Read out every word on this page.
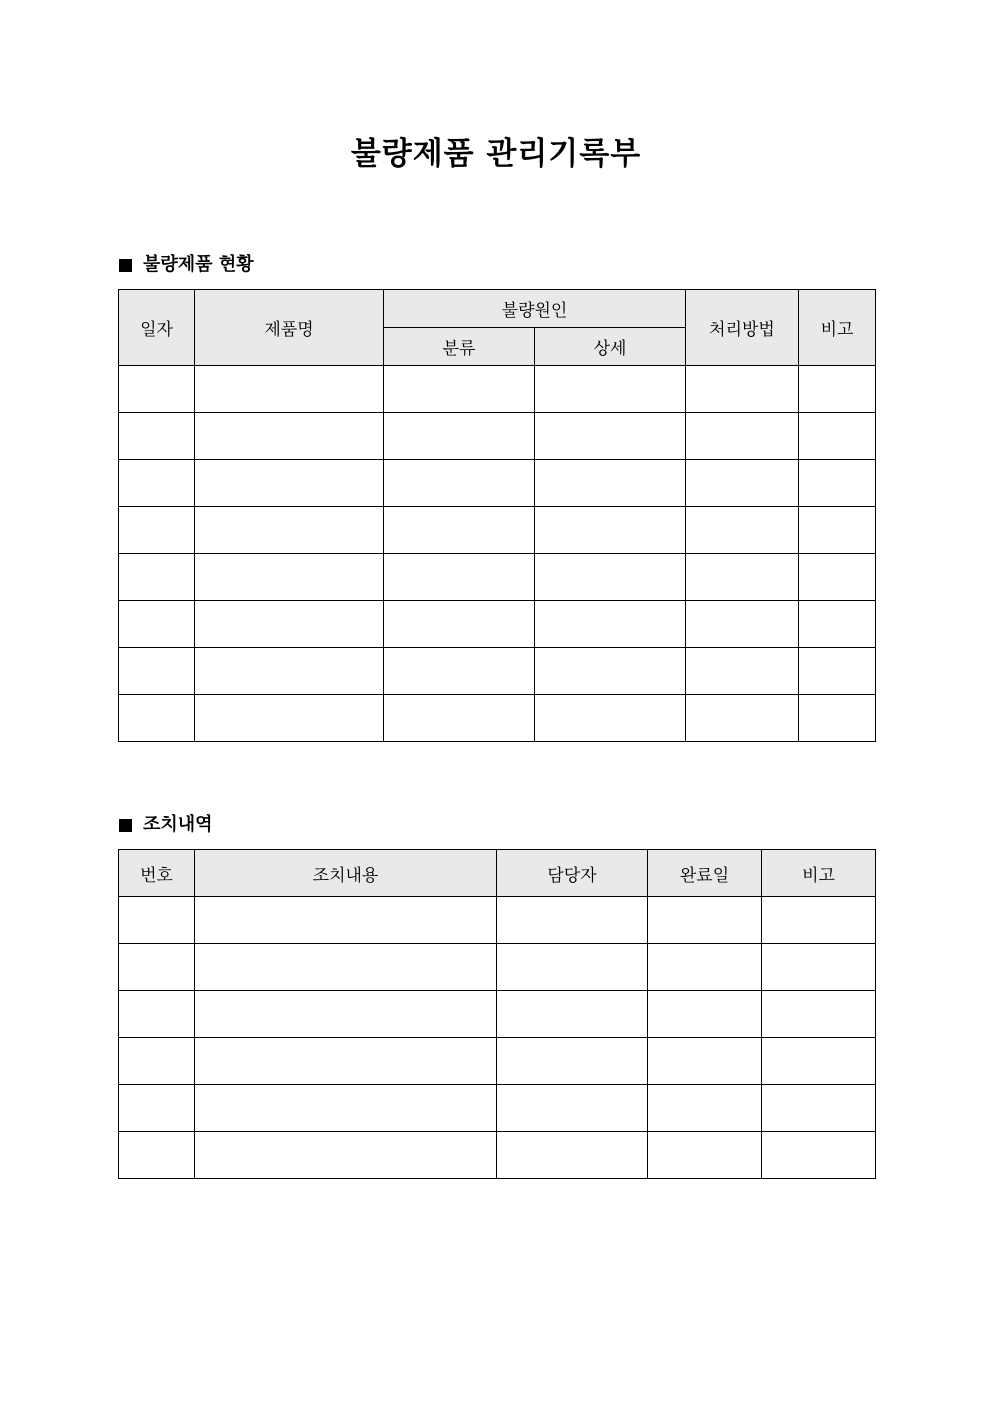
불량제품 관리기록부
불량제품 현황
일자	제품명	불량원인		처리방법	비고
		분류	상세		

조치내역
번호	조치내용	담당자	완료일	비고
